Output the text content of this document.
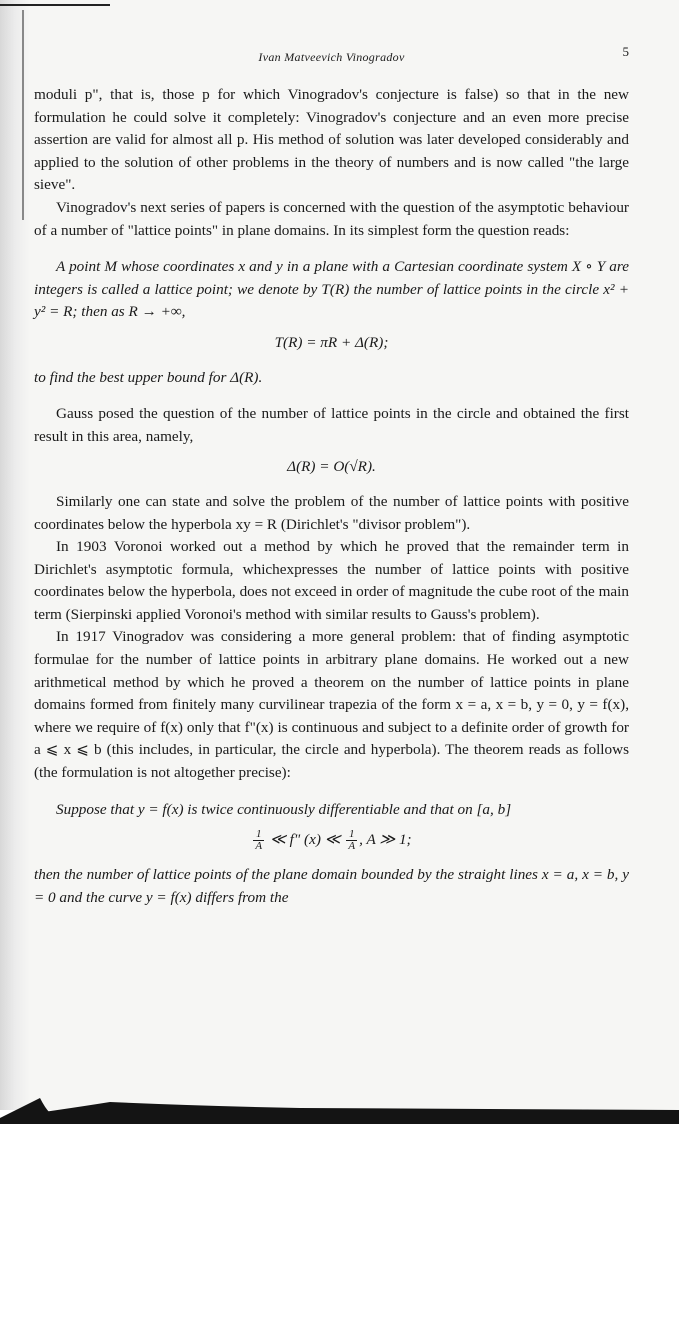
Ivan Matveevich Vinogradov	5

moduli p", that is, those p for which Vinogradov's conjecture is false) so that in the new formulation he could solve it completely: Vinogradov's conjecture and an even more precise assertion are valid for almost all p. His method of solution was later developed considerably and applied to the solution of other problems in the theory of numbers and is now called "the large sieve".

Vinogradov's next series of papers is concerned with the question of the asymptotic behaviour of a number of "lattice points" in plane domains. In its simplest form the question reads:

A point M whose coordinates x and y in a plane with a Cartesian coordinate system X ∘ Y are integers is called a lattice point; we denote by T(R) the number of lattice points in the circle x² + y² = R; then as R → +∞,

T(R) = πR + Δ(R);

to find the best upper bound for Δ(R).

Gauss posed the question of the number of lattice points in the circle and obtained the first result in this area, namely,

Δ(R) = O(√R).

Similarly one can state and solve the problem of the number of lattice points with positive coordinates below the hyperbola xy = R (Dirichlet's "divisor problem").

In 1903 Voronoi worked out a method by which he proved that the remainder term in Dirichlet's asymptotic formula, whichexpresses the number of lattice points with positive coordinates below the hyperbola, does not exceed in order of magnitude the cube root of the main term (Sierpinski applied Voronoi's method with similar results to Gauss's problem).

In 1917 Vinogradov was considering a more general problem: that of finding asymptotic formulae for the number of lattice points in arbitrary plane domains. He worked out a new arithmetical method by which he proved a theorem on the number of lattice points in plane domains formed from finitely many curvilinear trapezia of the form x = a, x = b, y = 0, y = f(x), where we require of f(x) only that f"(x) is continuous and subject to a definite order of growth for a ⩽ x ⩽ b (this includes, in particular, the circle and hyperbola). The theorem reads as follows (the formulation is not altogether precise):

Suppose that y = f(x) is twice continuously differentiable and that on [a, b]

$\frac{1}{A}$ ≪ f" (x) ≪ $\frac{1}{A}$ , A ≫ 1;

then the number of lattice points of the plane domain bounded by the straight lines x = a, x = b, y = 0 and the curve y = f(x) differs from the
